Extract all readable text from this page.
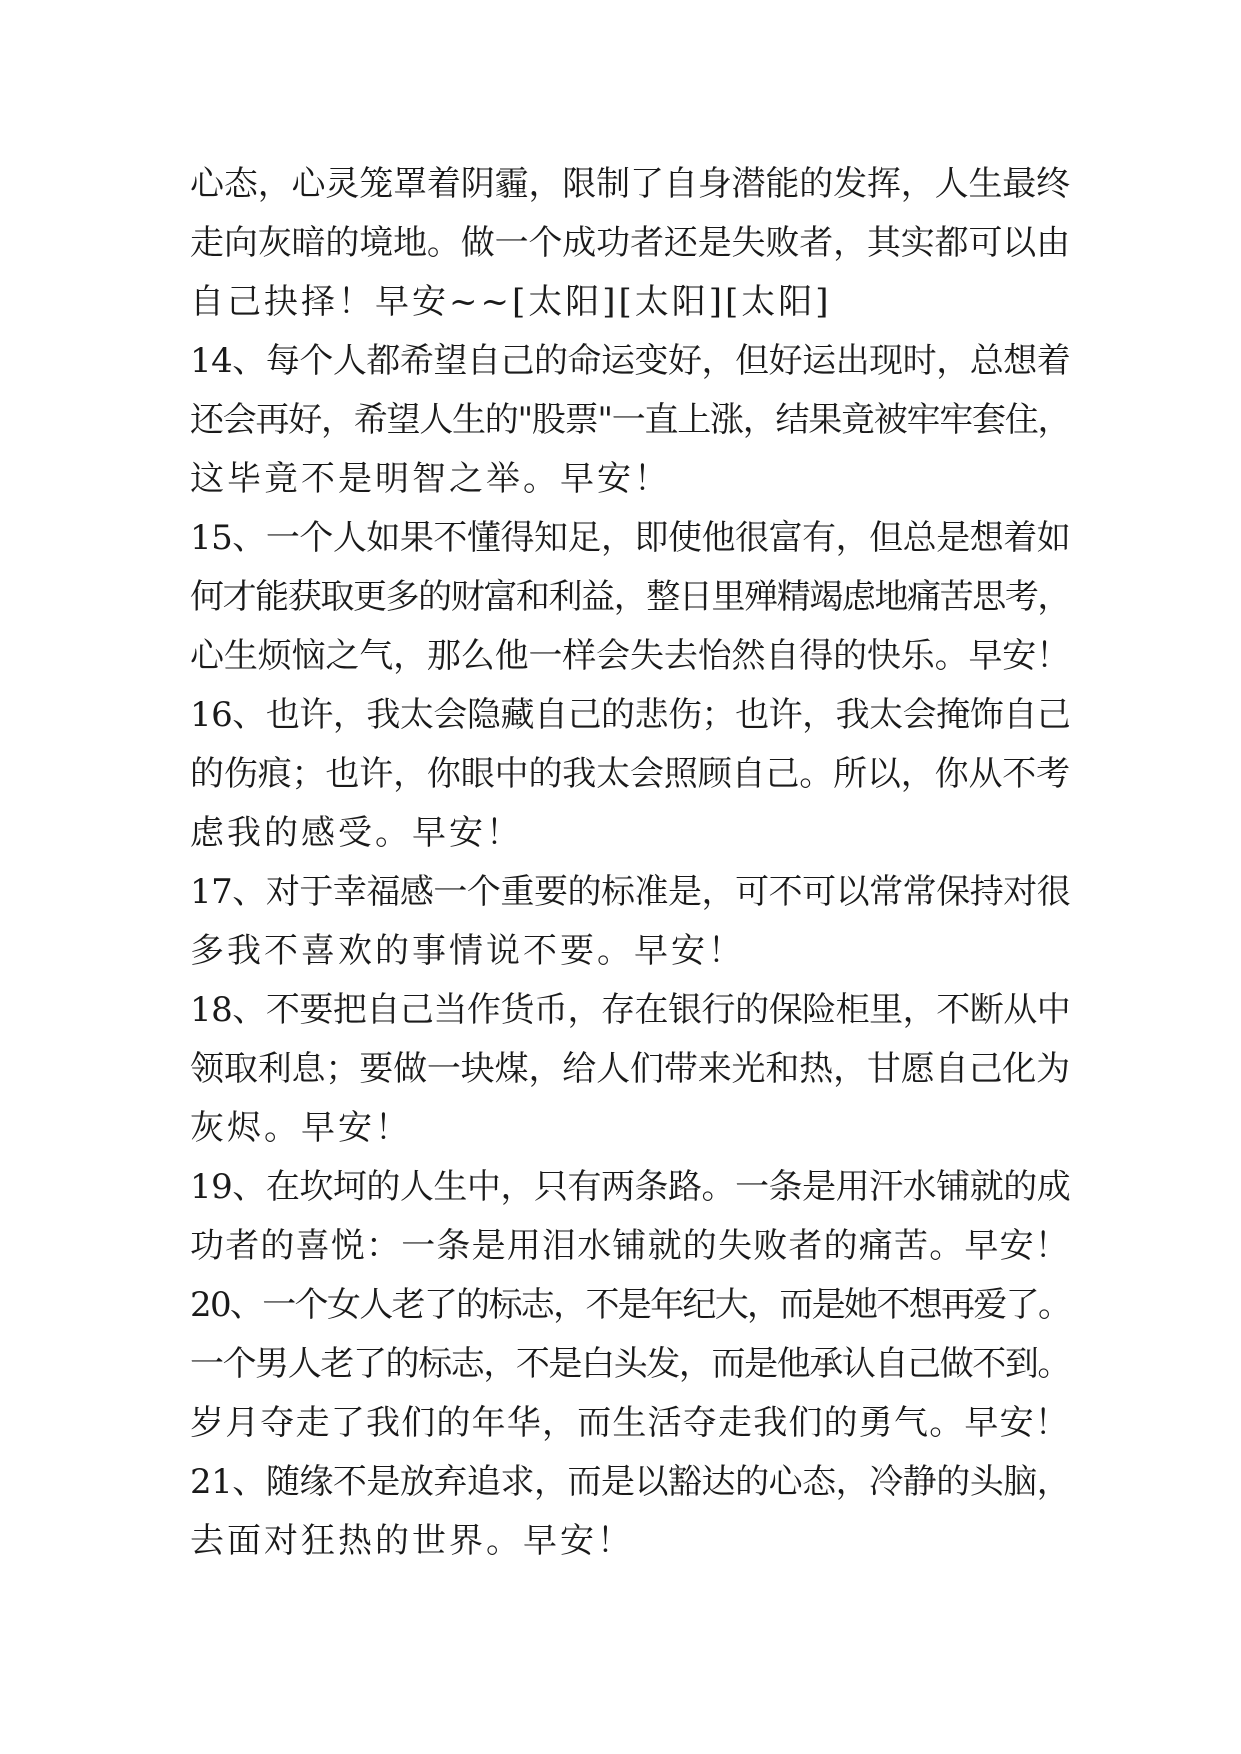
心态，心灵笼罩着阴霾，限制了自身潜能的发挥，人生最终
走向灰暗的境地。做一个成功者还是失败者，其实都可以由
自己抉择！早安~~[太阳][太阳][太阳]
14、每个人都希望自己的命运变好，但好运出现时，总想着
还会再好，希望人生的"股票"一直上涨，结果竟被牢牢套住，
这毕竟不是明智之举。早安！
15、一个人如果不懂得知足，即使他很富有，但总是想着如
何才能获取更多的财富和利益，整日里殚精竭虑地痛苦思考，
心生烦恼之气，那么他一样会失去怡然自得的快乐。早安！
16、也许，我太会隐藏自己的悲伤；也许，我太会掩饰自己
的伤痕；也许，你眼中的我太会照顾自己。所以，你从不考
虑我的感受。早安！
17、对于幸福感一个重要的标准是，可不可以常常保持对很
多我不喜欢的事情说不要。早安！
18、不要把自己当作货币，存在银行的保险柜里，不断从中
领取利息；要做一块煤，给人们带来光和热，甘愿自己化为
灰烬。早安！
19、在坎坷的人生中，只有两条路。一条是用汗水铺就的成
功者的喜悦：一条是用泪水铺就的失败者的痛苦。早安！
20、一个女人老了的标志，不是年纪大，而是她不想再爱了。
一个男人老了的标志，不是白头发，而是他承认自己做不到。
岁月夺走了我们的年华，而生活夺走我们的勇气。早安！
21、随缘不是放弃追求，而是以豁达的心态，冷静的头脑，
去面对狂热的世界。早安！
